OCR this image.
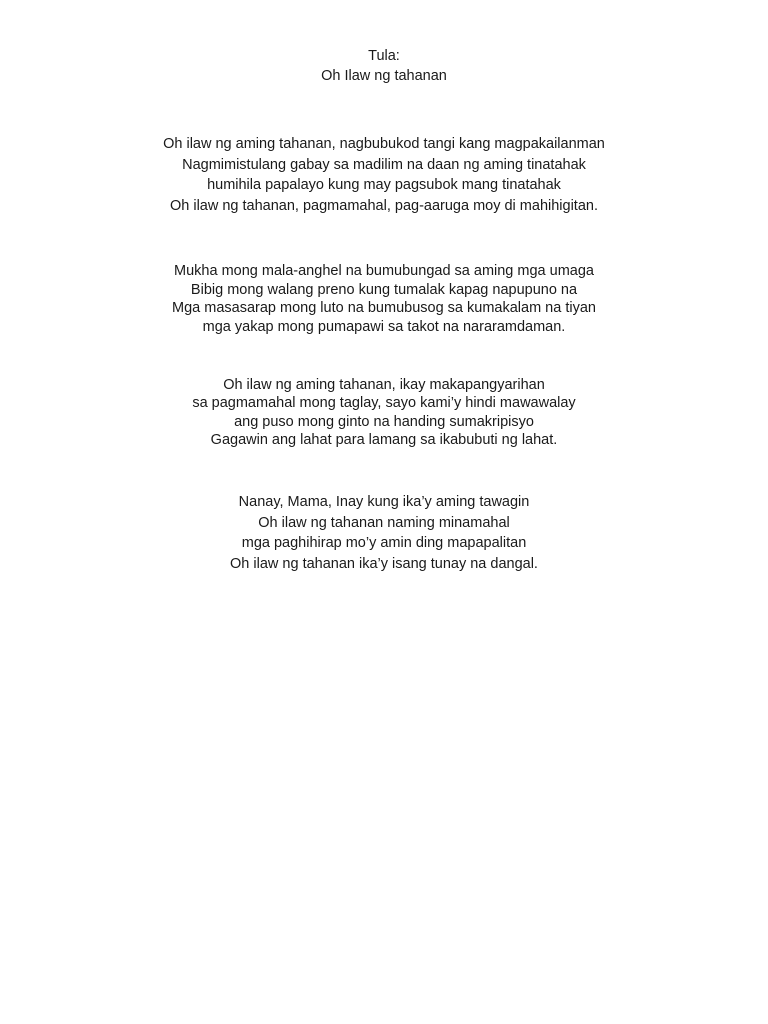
Tula:
Oh Ilaw ng tahanan
Oh ilaw ng aming tahanan, nagbubukod tangi kang magpakailanman
Nagmimistulang gabay sa madilim na daan ng aming tinatahak
humihila papalayo kung may pagsubok mang tinatahak
Oh ilaw ng tahanan, pagmamahal, pag-aaruga moy di mahihigitan.
Mukha mong mala-anghel na bumubungad sa aming mga umaga
Bibig mong walang preno kung tumalak kapag napupuno na
Mga masasarap mong luto na bumubusog sa kumakalam na tiyan
mga yakap mong pumapawi sa takot na nararamdaman.
Oh ilaw ng aming tahanan, ikay makapangyarihan
sa pagmamahal mong taglay, sayo kami’y hindi mawawalay
ang puso mong ginto na handing sumakripisyo
Gagawin ang lahat para lamang sa ikabubuti ng lahat.
Nanay, Mama, Inay kung ika’y aming tawagin
Oh ilaw ng tahanan naming minamahal
mga paghihirap mo’y amin ding mapapalitan
Oh ilaw ng tahanan ika’y isang tunay na dangal.
